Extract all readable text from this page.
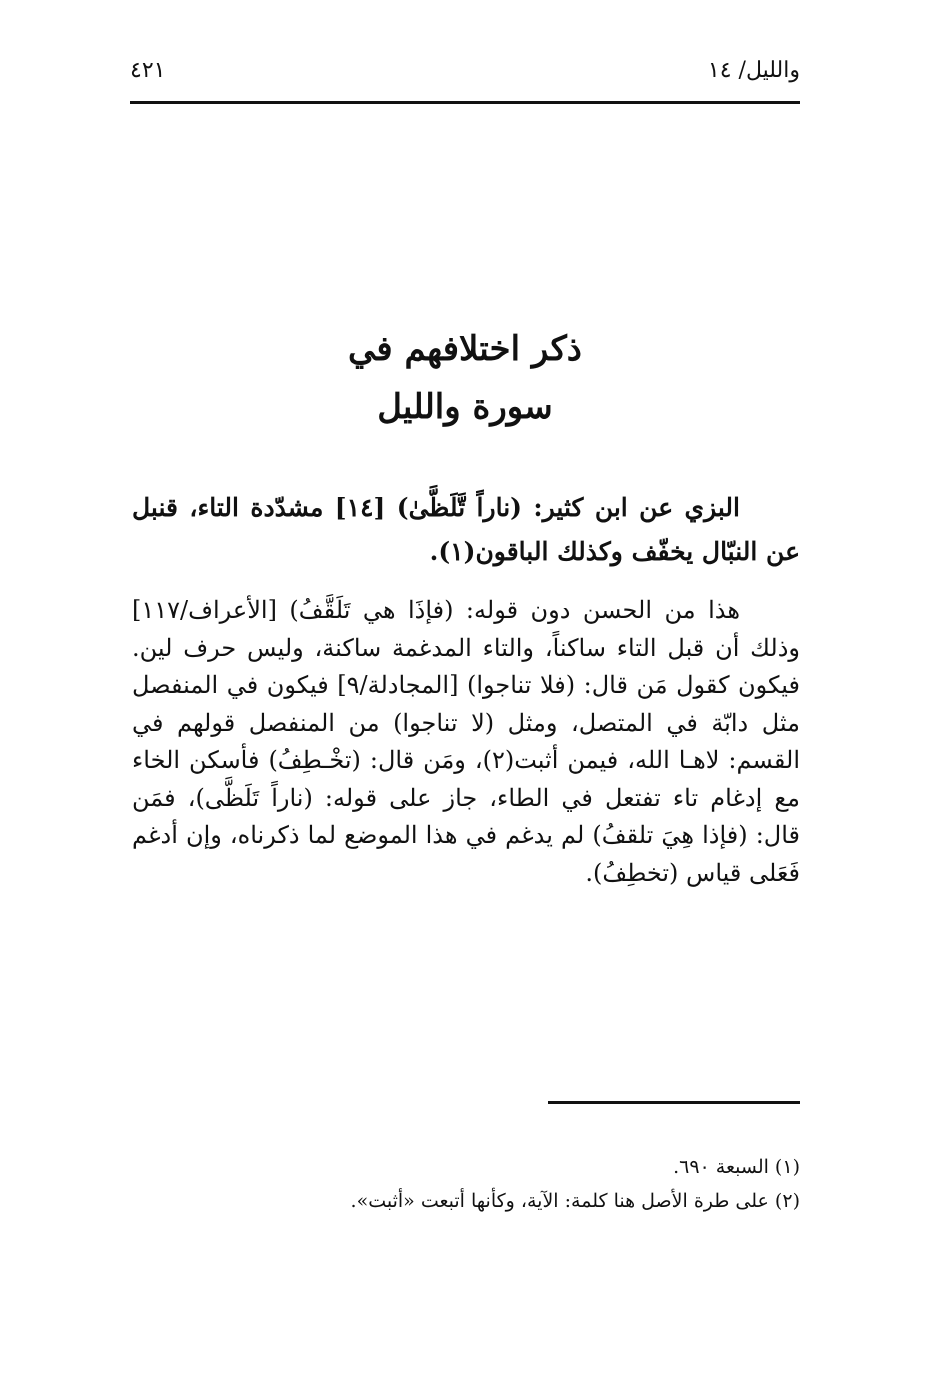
والليل/ ١٤
٤٢١
ذكر اختلافهم في
سورة والليل

البزي عن ابن كثير: (ناراً تَّلَظَّىٰ) [١٤] مشدّدة التاء، قنبل عن النبّال يخفّف وكذلك الباقون(١).

هذا من الحسن دون قوله: (فإذَا هي تَلَقَّفُ) [الأعراف/١١٧] وذلك أن قبل التاء ساكناً، والتاء المدغمة ساكنة، وليس حرف لين. فيكون كقول مَن قال: (فلا تناجوا) [المجادلة/٩] فيكون في المنفصل مثل دابّة في المتصل، ومثل (لا تناجوا) من المنفصل قولهم في القسم: لاهـا الله، فيمن أثبت(٢)، ومَن قال: (تخْـطِفُ) فأسكن الخاء مع إدغام تاء تفتعل في الطاء، جاز على قوله: (ناراً تَلَظَّى)، فمَن قال: (فإذا هِيَ تلقفُ) لم يدغم في هذا الموضع لما ذكرناه، وإن أدغم فَعَلى قياس (تخطِفُ).

(١) السبعة ٦٩٠.
(٢) على طرة الأصل هنا كلمة: الآية، وكأنها أتبعت «أثبت».
